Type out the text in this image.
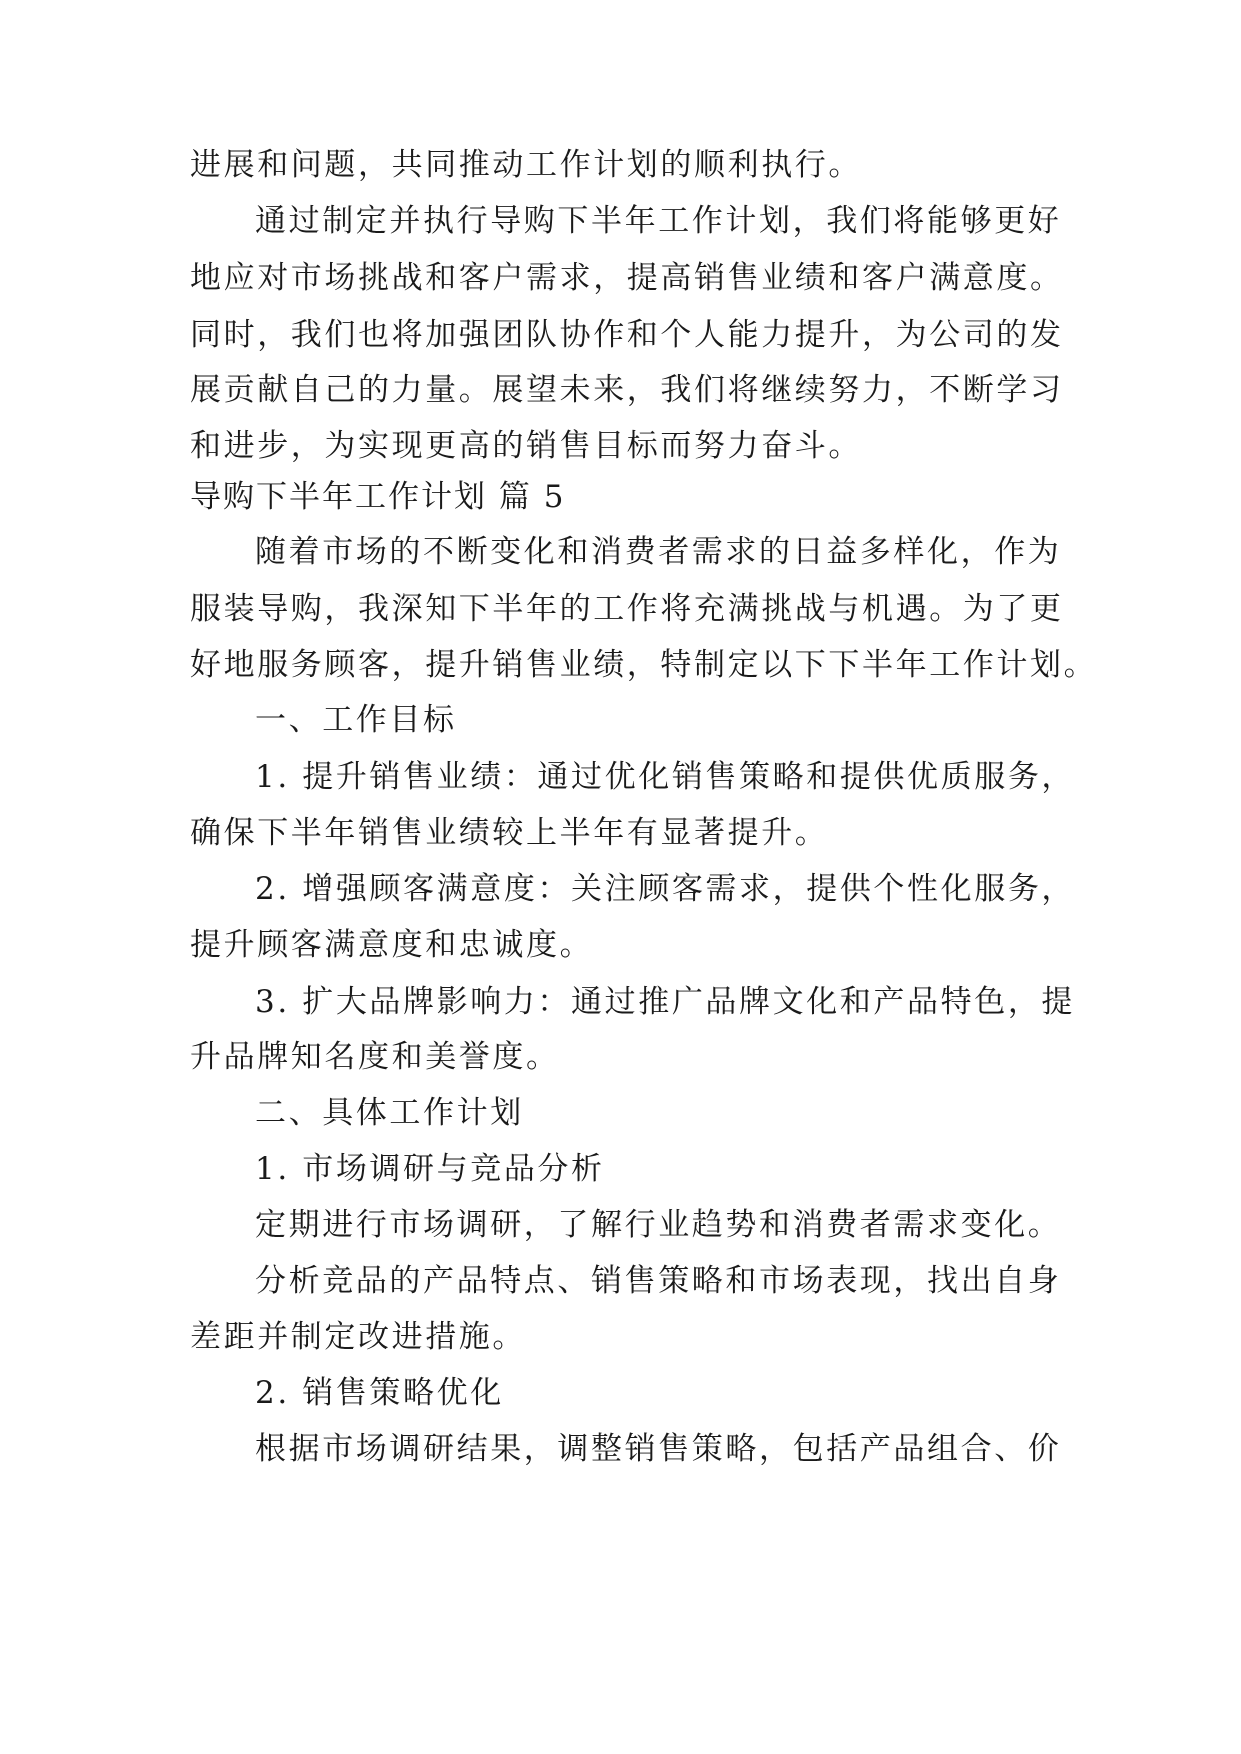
进展和问题，共同推动工作计划的顺利执行。
通过制定并执行导购下半年工作计划，我们将能够更好
地应对市场挑战和客户需求，提高销售业绩和客户满意度。
同时，我们也将加强团队协作和个人能力提升，为公司的发
展贡献自己的力量。展望未来，我们将继续努力，不断学习
和进步，为实现更高的销售目标而努力奋斗。
导购下半年工作计划 篇 5
随着市场的不断变化和消费者需求的日益多样化，作为
服装导购，我深知下半年的工作将充满挑战与机遇。为了更
好地服务顾客，提升销售业绩，特制定以下下半年工作计划。
一、工作目标
1. 提升销售业绩：通过优化销售策略和提供优质服务，
确保下半年销售业绩较上半年有显著提升。
2. 增强顾客满意度：关注顾客需求，提供个性化服务，
提升顾客满意度和忠诚度。
3. 扩大品牌影响力：通过推广品牌文化和产品特色，提
升品牌知名度和美誉度。
二、具体工作计划
1. 市场调研与竞品分析
定期进行市场调研，了解行业趋势和消费者需求变化。
分析竞品的产品特点、销售策略和市场表现，找出自身
差距并制定改进措施。
2. 销售策略优化
根据市场调研结果，调整销售策略，包括产品组合、价
